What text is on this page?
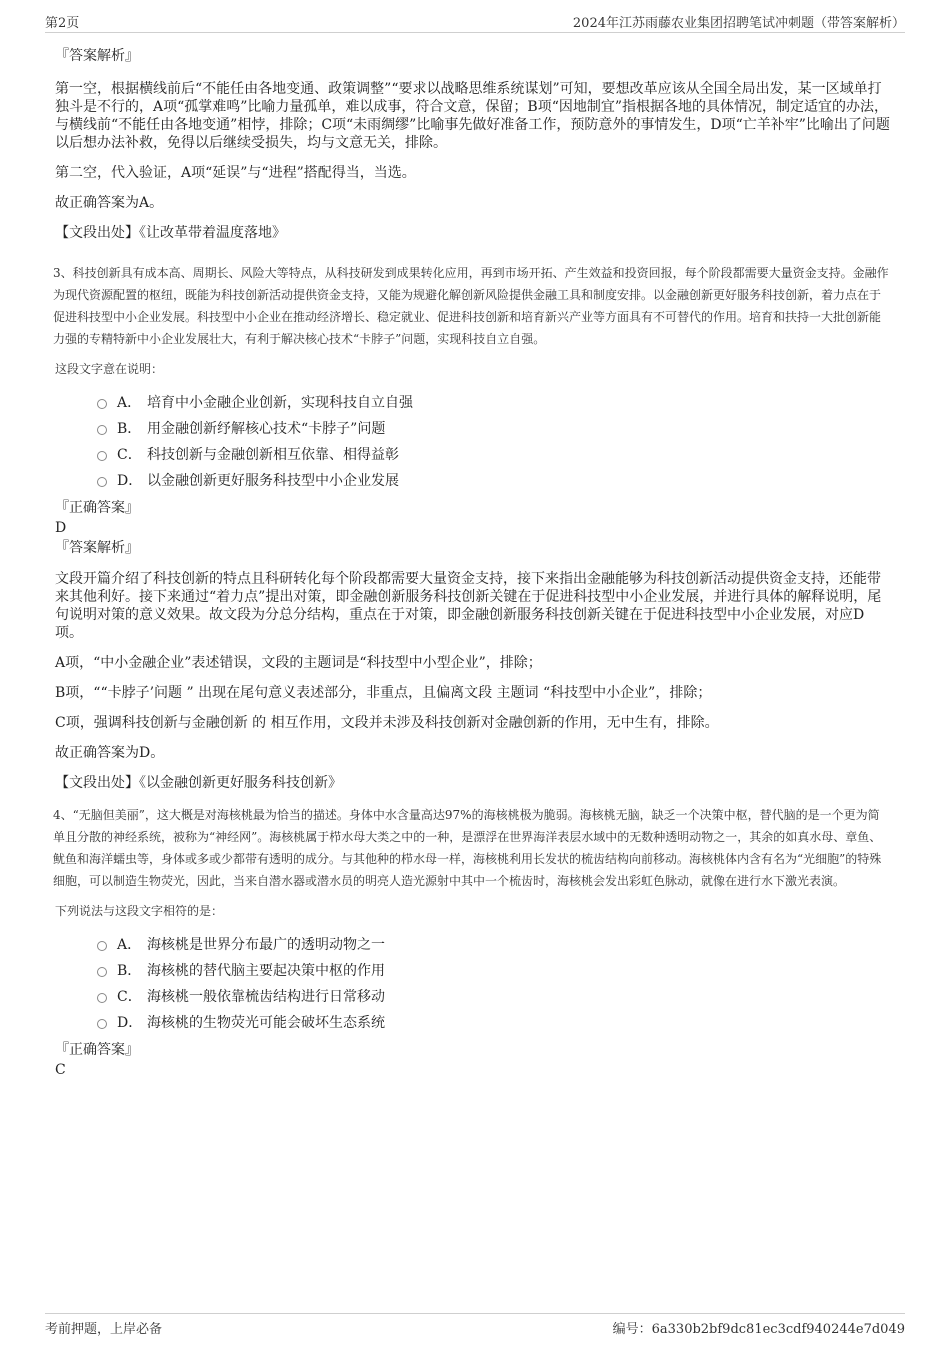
第2页	2024年江苏雨藤农业集团招聘笔试冲刺题（带答案解析）

『答案解析』

第一空，根据横线前后“不能任由各地变通、政策调整”“要求以战略思维系统谋划”可知，要想改革应该从全国全局出发，某一区域单打独斗是不行的，A项“孤掌难鸣”比喻力量孤单，难以成事，符合文意，保留；B项“因地制宜”指根据各地的具体情况，制定适宜的办法，与横线前“不能任由各地变通”相悖，排除；C项“未雨绸缪”比喻事先做好准备工作，预防意外的事情发生，D项“亡羊补牢”比喻出了问题以后想办法补救，免得以后继续受损失，均与文意无关，排除。

第二空，代入验证，A项“延误”与“进程”搭配得当，当选。

故正确答案为A。

【文段出处】《让改革带着温度落地》

3、科技创新具有成本高、周期长、风险大等特点，从科技研发到成果转化应用，再到市场开拓、产生效益和投资回报，每个阶段都需要大量资金支持。金融作为现代资源配置的枢纽，既能为科技创新活动提供资金支持，又能为规避化解创新风险提供金融工具和制度安排。以金融创新更好服务科技创新，着力点在于促进科技型中小企业发展。科技型中小企业在推动经济增长、稳定就业、促进科技创新和培育新兴产业等方面具有不可替代的作用。培育和扶持一大批创新能力强的专精特新中小企业发展壮大，有利于解决核心技术“卡脖子”问题，实现科技自立自强。

这段文字意在说明：

A． 培育中小金融企业创新，实现科技自立自强
B． 用金融创新纾解核心技术“卡脖子”问题
C． 科技创新与金融创新相互依靠、相得益彰
D． 以金融创新更好服务科技型中小企业发展

『正确答案』

D

『答案解析』

文段开篇介绍了科技创新的特点且科研转化每个阶段都需要大量资金支持，接下来指出金融能够为科技创新活动提供资金支持，还能带来其他利好。接下来通过“着力点”提出对策，即金融创新服务科技创新关键在于促进科技型中小企业发展，并进行具体的解释说明，尾句说明对策的意义效果。故文段为分总分结构，重点在于对策，即金融创新服务科技创新关键在于促进科技型中小企业发展，对应D项。

A项，“中小金融企业”表述错误，文段的主题词是“科技型中小型企业”，排除；

B项，““卡脖子’问题 ” 出现在尾句意义表述部分，非重点，且偏离文段 主题词 “科技型中小企业”，排除；

C项，强调科技创新与金融创新 的 相互作用，文段并未涉及科技创新对金融创新的作用，无中生有，排除。

故正确答案为D。

【文段出处】《以金融创新更好服务科技创新》

4、“无脑但美丽”，这大概是对海核桃最为恰当的描述。身体中水含量高达97%的海核桃极为脆弱。海核桃无脑，缺乏一个决策中枢，替代脑的是一个更为简单且分散的神经系统，被称为“神经网”。海核桃属于栉水母大类之中的一种，是漂浮在世界海洋表层水域中的无数种透明动物之一，其余的如真水母、章鱼、鱿鱼和海洋蠕虫等，身体或多或少都带有透明的成分。与其他种的栉水母一样，海核桃利用长发状的梳齿结构向前移动。海核桃体内含有名为“光细胞”的特殊细胞，可以制造生物荧光，因此，当来自潜水器或潜水员的明亮人造光源射中其中一个梳齿时，海核桃会发出彩虹色脉动，就像在进行水下激光表演。

下列说法与这段文字相符的是：

A． 海核桃是世界分布最广的透明动物之一
B． 海核桃的替代脑主要起决策中枢的作用
C． 海核桃一般依靠梳齿结构进行日常移动
D． 海核桃的生物荧光可能会破坏生态系统

『正确答案』

C

考前押题，上岸必备	编号：6a330b2bf9dc81ec3cdf940244e7d049
